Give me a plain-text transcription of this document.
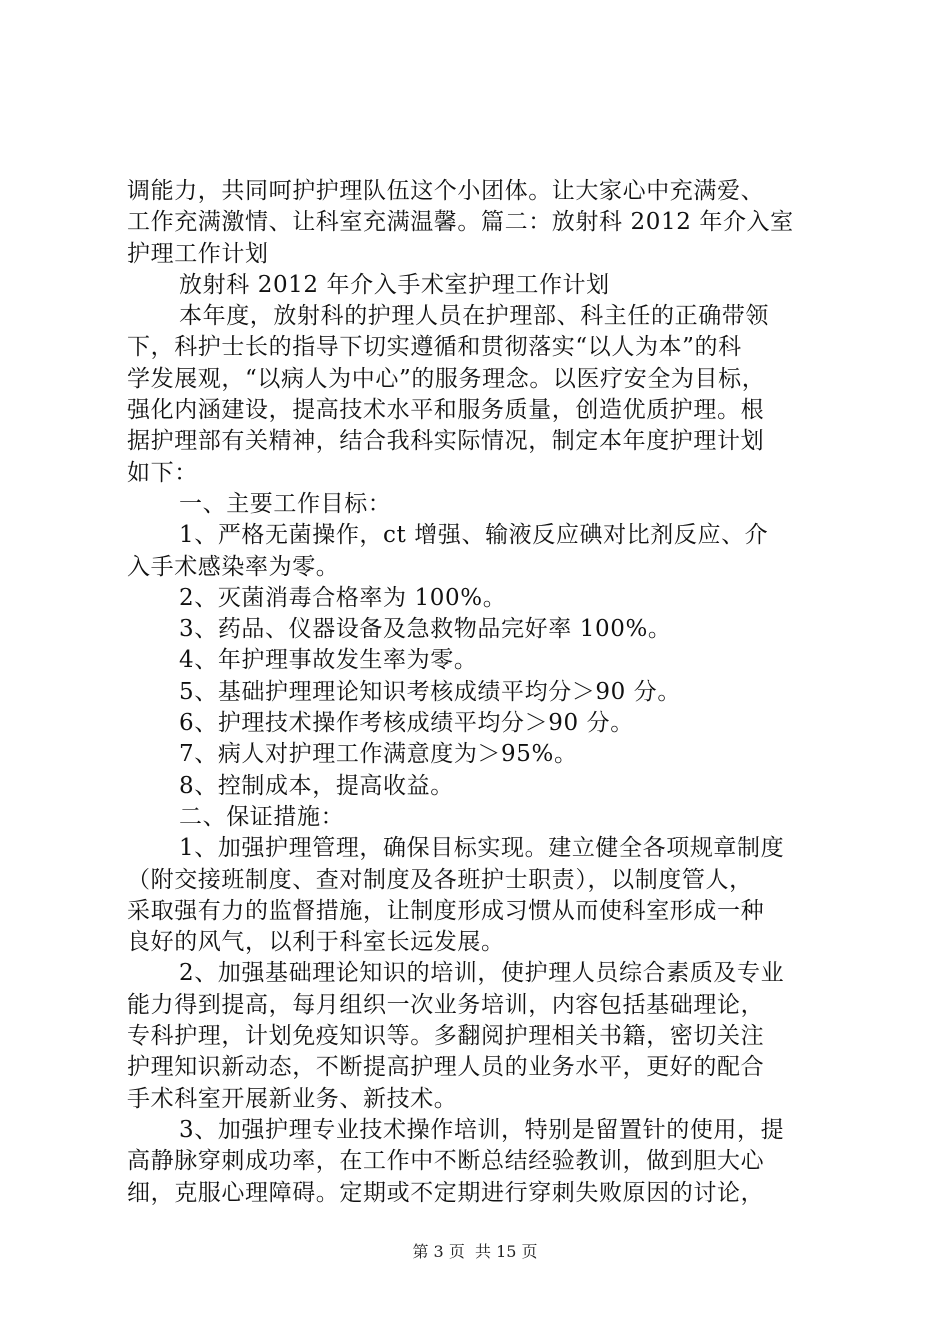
调能力，共同呵护护理队伍这个小团体。让大家心中充满爱、
工作充满激情、让科室充满温馨。篇二：放射科 2012 年介入室
护理工作计划
放射科 2012 年介入手术室护理工作计划
本年度，放射科的护理人员在护理部、科主任的正确带领
下，科护士长的指导下切实遵循和贯彻落实“以人为本”的科
学发展观，“以病人为中心”的服务理念。以医疗安全为目标，
强化内涵建设，提高技术水平和服务质量，创造优质护理。根
据护理部有关精神，结合我科实际情况，制定本年度护理计划
如下：
一、主要工作目标：
1、严格无菌操作，ct 增强、输液反应碘对比剂反应、介
入手术感染率为零。
2、灭菌消毒合格率为 100%。
3、药品、仪器设备及急救物品完好率 100%。
4、年护理事故发生率为零。
5、基础护理理论知识考核成绩平均分＞90 分。
6、护理技术操作考核成绩平均分＞90 分。
7、病人对护理工作满意度为＞95%。
8、控制成本，提高收益。
二、保证措施：
1、加强护理管理，确保目标实现。建立健全各项规章制度
（附交接班制度、查对制度及各班护士职责），以制度管人，
采取强有力的监督措施，让制度形成习惯从而使科室形成一种
良好的风气，以利于科室长远发展。
2、加强基础理论知识的培训，使护理人员综合素质及专业
能力得到提高，每月组织一次业务培训，内容包括基础理论，
专科护理，计划免疫知识等。多翻阅护理相关书籍，密切关注
护理知识新动态，不断提高护理人员的业务水平，更好的配合
手术科室开展新业务、新技术。
3、加强护理专业技术操作培训，特别是留置针的使用，提
高静脉穿刺成功率，在工作中不断总结经验教训，做到胆大心
细，克服心理障碍。定期或不定期进行穿刺失败原因的讨论，
第 3 页  共 15 页
